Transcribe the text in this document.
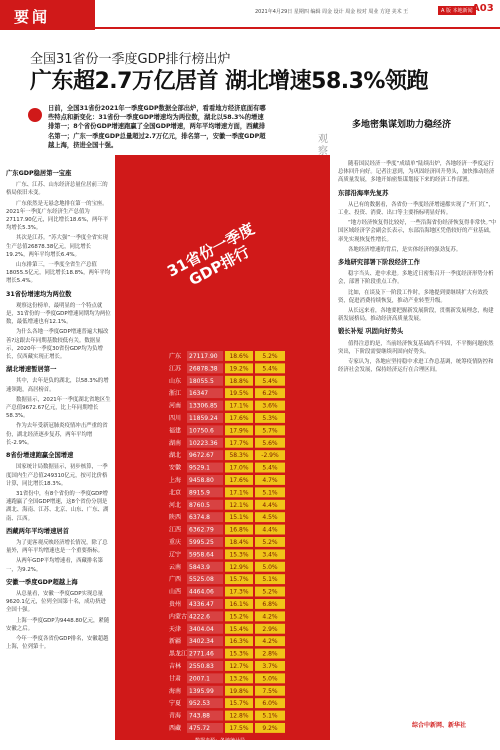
要闻	2021年4月29日 星期四 编辑 周金 设计 周金 校对 周业 方迎 美术 王	A 版 本地新闻 A03
全国31省份一季度GDP排行榜出炉
广东超2.7万亿居首 湖北增速58.3%领跑
日前，全国31省份2021年一季度GDP数据全部出炉，看看地方经济底面有哪些特点和新变化：31省份一季度GDP增速均为两位数，湖北以58.3%的增速排第一；8个省份GDP增速跑赢了全国GDP增速，两年平均增速方面，西藏排名第一；广东一季度GDP总量超过2.7万亿元，排名第一，安徽一季度GDP超越上海，挤进全国十强。
广东GDP稳居第一宝座

广东、江苏、山东经济总量位居前三的格局依旧未变。

广东依然是无悬念地排在第一的宝座。2021年一季度广东经济生产总值为27117.90亿元，同比增长18.6%，两年平均增长5.3%。

其次是江苏。“苏大强”一季度全省实现生产总值26878.38亿元，同比增长19.2%，两年平均增长6.4%。

山东排第三，一季度全省生产总值18055.5亿元，同比增长18.8%，两年平均增长5.4%。

31省份增速均为两位数

观察这份榜单，最明显的一个特点就是，31省份的一季度GDP增速同期均为两位数，最低增速也有12.1%。

为什么各地一季度GDP增速普遍大幅改善?这跟去年同期基数较低有关。数据显示，2020年一季度30省份GDP均为负增长，仅西藏实现正增长。

湖北增速暂居第一

其中，去年是负的湖北，以58.3%的增速领跑，高居榜首。

数据显示，2021年一季度湖北省地区生产总值9672.67亿元，比上年同期增长58.3%。

作为去年受新冠肺炎疫情冲击严重的省份，湖北经济逐步复苏，两年平均增长-2.9%。

8省份增速跑赢全国增速

国家统计局数据显示，初步核算，一季度国内生产总值249310亿元，按可比价格计算，同比增长18.3%。

31省份中，有8个省份的一季度GDP增速跑赢了全国GDP增速，这8个省份分别是湖北、海南、江苏、北京、山东、广东、湖南、江西。

西藏两年平均增速居首

为了更客观反映经济增长情况，除了总量外，两年平均增速也是一个重要指标。

从两年GDP平均增速看，西藏排名第一，为9.2%。

安徽一季度GDP超越上海

从总量看，安徽一季度GDP实现总量9620.1亿元，位列全国第十名，成功挤进全国十强。

上海一季度GDP为9448.80亿元，紧随安徽之后。

今年一季度各省份GDP排名，安徽超越上海，位列第十。

广东 27117.90 18.6% 5.2%
江苏 26878.38 19.2% 5.4%
山东 18055.5	18.8% 5.4%
浙江 16347	19.5% 6.2%
河南 13306.85 17.1% 3.6%
四川 11859.24 17.6% 5.3%
福建 10750.6	17.9% 5.7%
湖南 10223.36 17.7% 5.6%
湖北 9672.67	58.3% -2.9%
安徽 9529.1	17.0% 5.4%
上海 9458.80	17.6% 4.7%
北京 8915.9	17.1% 5.1%
河北 8760.5	12.1% 4.4%
陕西 6374.8	15.1% 4.5%
江西 6362.79	16.8% 4.4%
重庆 5995.25	18.4% 5.2%
辽宁 5958.64	15.3% 3.4%
云南 5843.9	12.9% 5.0%
广西 5525.08	15.7% 5.1%
山西 4464.06	17.3% 5.2%
贵州 4336.47	16.1% 6.8%
内蒙古 4222.6	15.2% 4.2%
天津 3404.04	15.4% 2.9%
新疆 3402.34	16.3% 4.2%
黑龙江 2771.46	15.3% 2.8%
吉林 2550.83	12.7% 3.7%
甘肃 2007.1	13.2% 5.0%
海南 1395.99	19.8% 7.5%
宁夏 952.53	15.7% 6.0%
青海 743.88	12.8% 5.1%
西藏 475.72	17.5% 9.2%
31省份一季度GDP排行
数据来源：各地统计局
观察
多地密集谋划助力稳经济

随着国民经济一季度“成绩单”陆续出炉，各地经济一季度运行总体回升向好。记者注意到，为巩固经济回升势头，加快推动经济高质量发展，多地开始密集谋划接下来的经济工作部署。

东部沿海率先复苏

从已有的数据看，各省份一季度经济增速都实现了“开门红”，工业、投资、消费、出口等主要指标明显好转。

“地方经济恢复得比较好，一些沿海省份经济恢复得非常快。”中国区域经济学会副会长表示，东部沿海地区凭借较好的产业基础，率先实现恢复性增长。

各地经济增速的背后，是实体经济的强劲复苏。

多地研究部署下阶段经济工作

稳字当头、进中求进。多地近日密集召开一季度经济形势分析会，部署下阶段重点工作。

比如，在谈及下一阶段工作时，多地提到要继续扩大有效投资，促进消费持续恢复，推动产业转型升级。

从长远来看，各地要把握新发展阶段，贯彻新发展理念，构建新发展格局，推动经济高质量发展。

锻长补短 巩固向好势头

值得注意的是，当前经济恢复基础尚不牢固，不平衡问题依然突出，下阶段需要继续巩固向好势头。

专家认为，各地应坚持稳中求进工作总基调，统筹疫情防控和经济社会发展，保持经济运行在合理区间。

综合中新网、新华社
